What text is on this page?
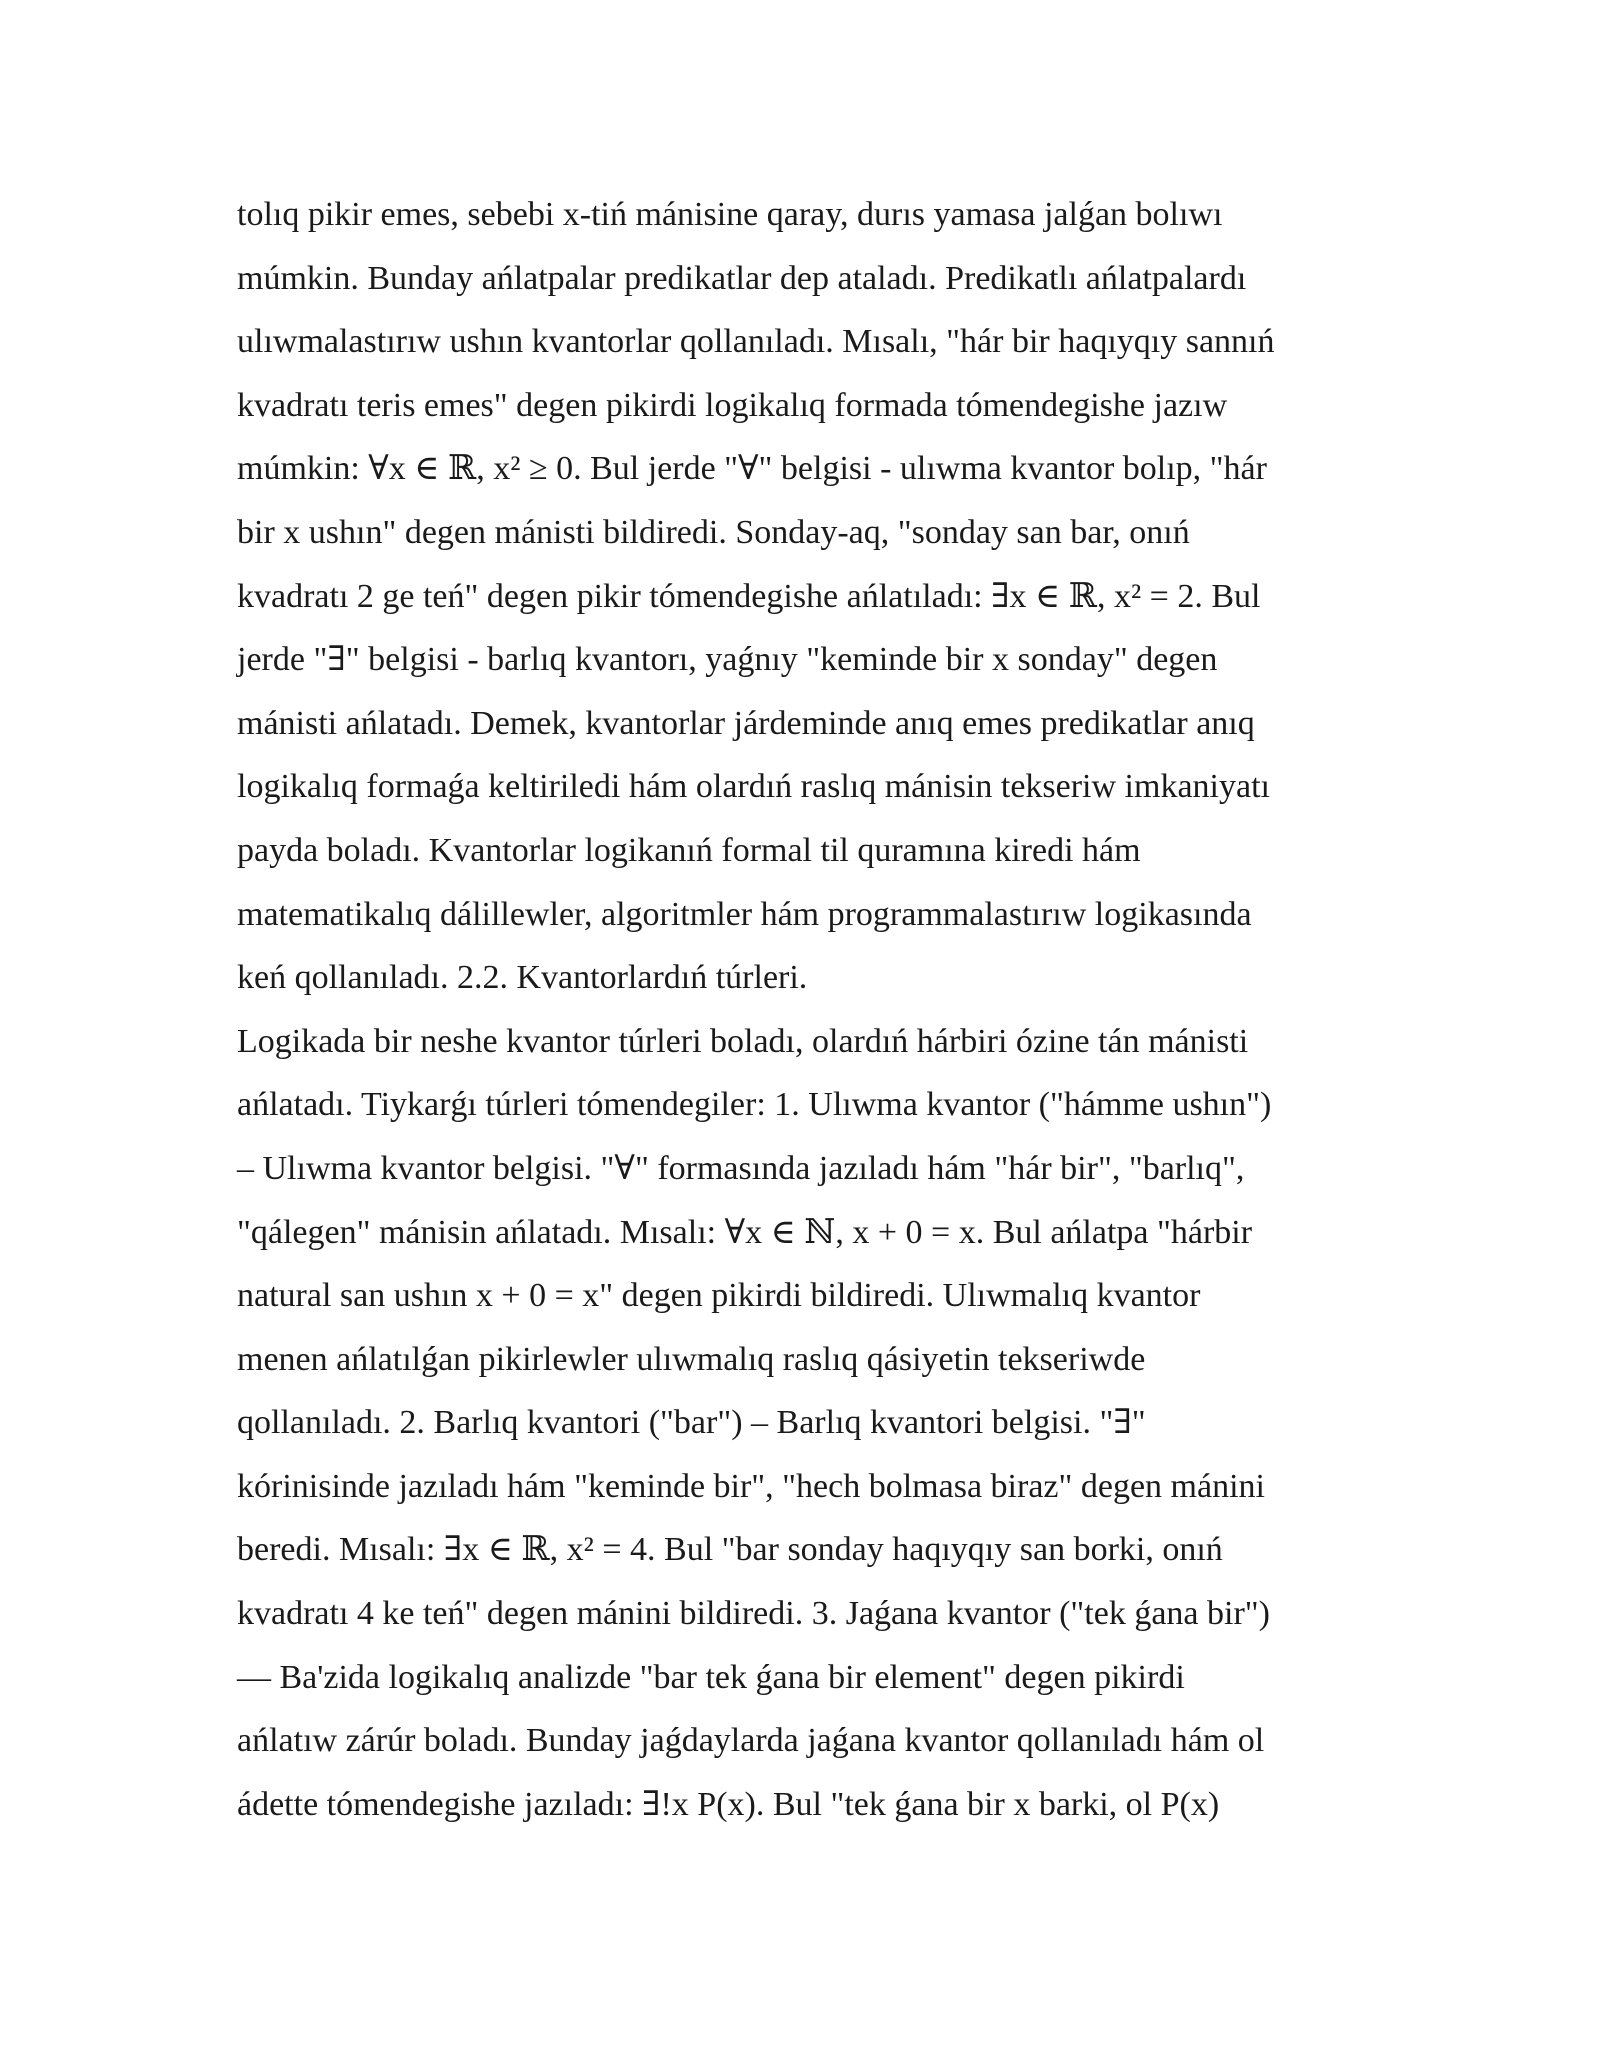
tolıq pikir emes, sebebi x-tiń mánisine qaray, durıs yamasa jalǵan bolıwı
múmkin. Bunday ańlatpalar predikatlar dep ataladı. Predikatlı ańlatpalardı
ulıwmalastırıw ushın kvantorlar qollanıladı. Mısalı, "hár bir haqıyqıy sannıń
kvadratı teris emes" degen pikirdi logikalıq formada tómendegishe jazıw
múmkin: ∀x ∈ ℝ, x² ≥ 0. Bul jerde "∀" belgisi - ulıwma kvantor bolıp, "hár
bir x ushın" degen mánisti bildiredi. Sonday-aq, "sonday san bar, onıń
kvadratı 2 ge teń" degen pikir tómendegishe ańlatıladı: ∃x ∈ ℝ, x² = 2. Bul
jerde "∃" belgisi - barlıq kvantorı, yaǵnıy "keminde bir x sonday" degen
mánisti ańlatadı. Demek, kvantorlar járdeminde anıq emes predikatlar anıq
logikalıq formaǵa keltiriledi hám olardıń raslıq mánisin tekseriw imkaniyatı
payda boladı. Kvantorlar logikanıń formal til quramına kiredi hám
matematikalıq dálillewler, algoritmler hám programmalastırıw logikasında
keń qollanıladı. 2.2. Kvantorlardıń túrleri.
Logikada bir neshe kvantor túrleri boladı, olardıń hárbiri ózine tán mánisti
ańlatadı. Tiykarǵı túrleri tómendegiler: 1. Ulıwma kvantor ("hámme ushın")
– Ulıwma kvantor belgisi. "∀" formasında jazıladı hám "hár bir", "barlıq",
"qálegen" mánisin ańlatadı. Mısalı: ∀x ∈ ℕ, x + 0 = x. Bul ańlatpa "hárbir
natural san ushın x + 0 = x" degen pikirdi bildiredi. Ulıwmalıq kvantor
menen ańlatılǵan pikirlewler ulıwmalıq raslıq qásiyetin tekseriwde
qollanıladı. 2. Barlıq kvantori ("bar") – Barlıq kvantori belgisi. "∃"
kórinisinde jazıladı hám "keminde bir", "hech bolmasa biraz" degen mánini
beredi. Mısalı: ∃x ∈ ℝ, x² = 4. Bul "bar sonday haqıyqıy san borki, onıń
kvadratı 4 ke teń" degen mánini bildiredi. 3. Jaǵana kvantor ("tek ǵana bir")
— Ba'zida logikalıq analizde "bar tek ǵana bir element" degen pikirdi
ańlatıw zárúr boladı. Bunday jaǵdaylarda jaǵana kvantor qollanıladı hám ol
ádette tómendegishe jazıladı: ∃!x P(x). Bul "tek ǵana bir x barki, ol P(x)
